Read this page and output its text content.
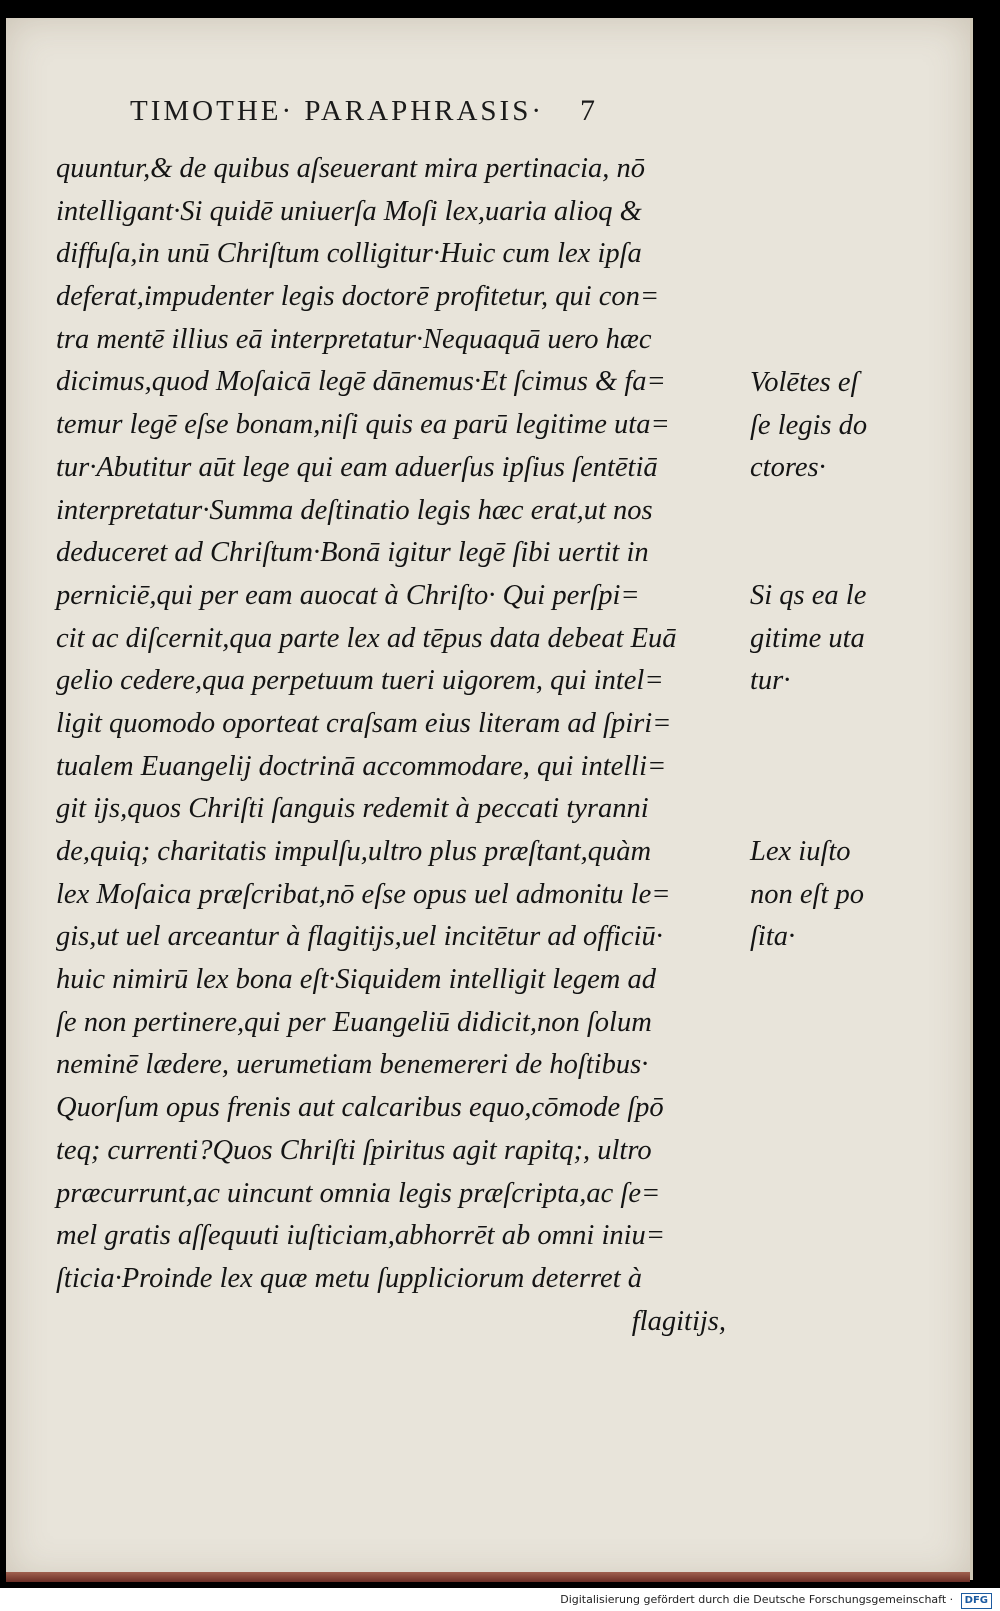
TIMOTHE· PARAPHRASIS· 7
quuntur,& de quibus aſseuerant mira pertinacia, nō
intelligant·Si quidē uniuerſa Moſi lex,uaria alioq &
diffuſa,in unū Chriſtum colligitur·Huic cum lex ipſa
deferat,impudenter legis doctorē profitetur, qui con=
tra mentē illius eā interpretatur·Nequaquā uero hæc
dicimus,quod Moſaicā legē dānemus·Et ſcimus & fa=
temur legē eſse bonam,niſi quis ea parū legitime uta=
tur·Abutitur aūt lege qui eam aduerſus ipſius ſentētiā
interpretatur·Summa deſtinatio legis hæc erat,ut nos
deduceret ad Chriſtum·Bonā igitur legē ſibi uertit in
perniciē,qui per eam auocat à Chriſto· Qui perſpi=
cit ac diſcernit,qua parte lex ad tēpus data debeat Euā
gelio cedere,qua perpetuum tueri uigorem, qui intel=
ligit quomodo oporteat craſsam eius literam ad ſpiri=
tualem Euangelij doctrinā accommodare, qui intelli=
git ijs,quos Chriſti ſanguis redemit à peccati tyranni
de,quiq; charitatis impulſu,ultro plus præſtant,quàm
lex Moſaica præſcribat,nō eſse opus uel admonitu le=
gis,ut uel arceantur à flagitijs,uel incitētur ad officiū·
huic nimirū lex bona eſt·Siquidem intelligit legem ad
ſe non pertinere,qui per Euangeliū didicit,non ſolum
neminē lædere, uerumetiam benemereri de hoſtibus·
Quorſum opus frenis aut calcaribus equo,cōmode ſpō
teq; currenti?Quos Chriſti ſpiritus agit rapitq;, ultro
præcurrunt,ac uincunt omnia legis præſcripta,ac ſe=
mel gratis aſſequuti iuſticiam,abhorrēt ab omni iniu=
ſticia·Proinde lex quæ metu ſuppliciorum deterret à
flagitijs,
Volētes eſ
ſe legis do
ctores·
Si qs ea le
gitime uta
tur·
Lex iuſto
non eſt po
ſita·
Digitalisierung gefördert durch die Deutsche Forschungsgemeinschaft · DFG
